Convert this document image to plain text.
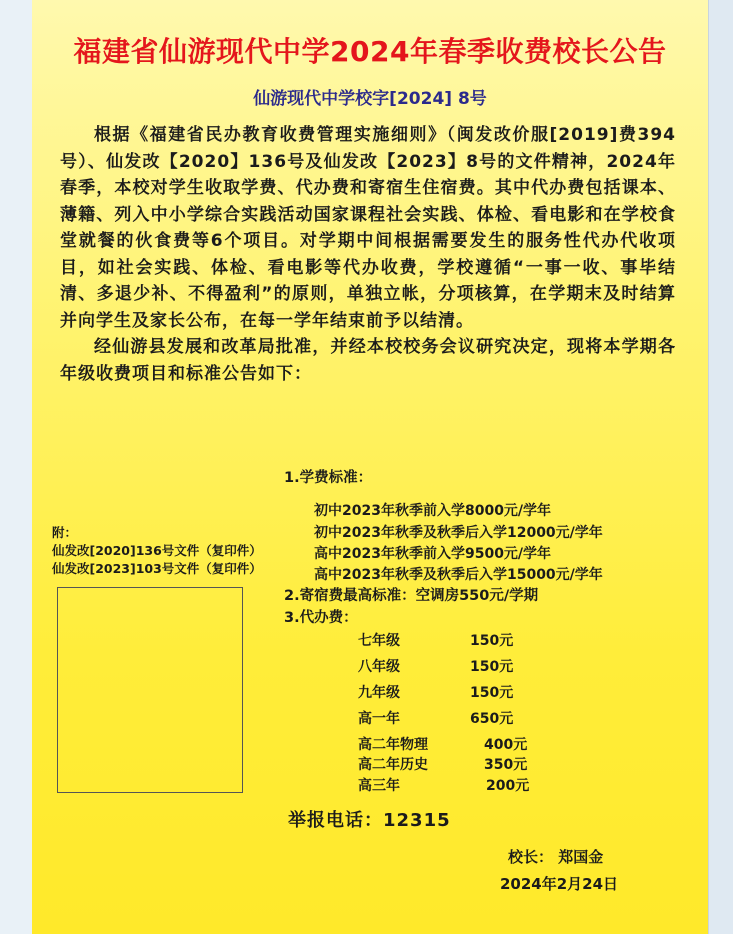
福建省仙游现代中学2024年春季收费校长公告
仙游现代中学校字[2024] 8号

根据《福建省民办教育收费管理实施细则》（闽发改价服[2019]费394号）、仙发改【2020】136号及仙发改【2023】8号的文件精神，2024年春季，本校对学生收取学费、代办费和寄宿生住宿费。其中代办费包括课本、薄籍、列入中小学综合实践活动国家课程社会实践、体检、看电影和在学校食堂就餐的伙食费等6个项目。对学期中间根据需要发生的服务性代办代收项目，如社会实践、体检、看电影等代办收费，学校遵循“一事一收、事毕结清、多退少补、不得盈利”的原则，单独立帐，分项核算，在学期末及时结算并向学生及家长公布，在每一学年结束前予以结清。

经仙游县发展和改革局批准，并经本校校务会议研究决定，现将本学期各年级收费项目和标准公告如下：

附：
仙发改[2020]136号文件（复印件）
仙发改[2023]103号文件（复印件）
1.学费标准：
初中2023年秋季前入学8000元/学年
初中2023年秋季及秋季后入学12000元/学年
高中2023年秋季前入学9500元/学年
高中2023年秋季及秋季后入学15000元/学年
2.寄宿费最高标准：空调房550元/学期
3.代办费：
七年级	150元
八年级	150元
九年级	150元
高一年	650元
高二年物理	400元
高二年历史	350元
高三年	200元
举报电话：12315
校长： 郑国金
2024年2月24日
